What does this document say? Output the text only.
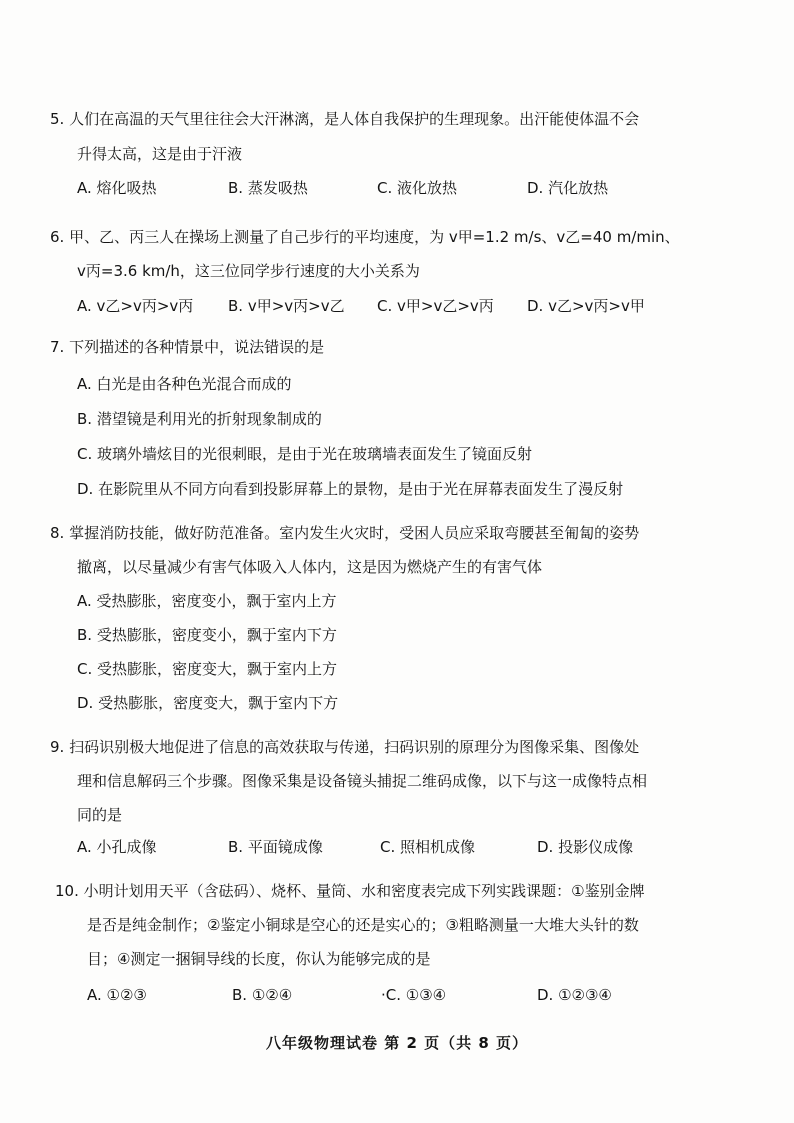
5. 人们在高温的天气里往往会大汗淋漓，是人体自我保护的生理现象。出汗能使体温不会
升得太高，这是由于汗液
A. 熔化吸热	B. 蒸发吸热	C. 液化放热	D. 汽化放热
6. 甲、乙、丙三人在操场上测量了自己步行的平均速度，为 v甲=1.2 m/s、v乙=40 m/min、
v丙=3.6 km/h，这三位同学步行速度的大小关系为
A. v乙>v丙>v丙 B. v甲>v丙>v乙 C. v甲>v乙>v丙 D. v乙>v丙>v甲
7. 下列描述的各种情景中，说法错误的是
A. 白光是由各种色光混合而成的
B. 潜望镜是利用光的折射现象制成的
C. 玻璃外墙炫目的光很刺眼，是由于光在玻璃墙表面发生了镜面反射
D. 在影院里从不同方向看到投影屏幕上的景物，是由于光在屏幕表面发生了漫反射
8. 掌握消防技能，做好防范准备。室内发生火灾时，受困人员应采取弯腰甚至匍匐的姿势
撤离，以尽量减少有害气体吸入人体内，这是因为燃烧产生的有害气体
A. 受热膨胀，密度变小，飘于室内上方
B. 受热膨胀，密度变小，飘于室内下方
C. 受热膨胀，密度变大，飘于室内上方
D. 受热膨胀，密度变大，飘于室内下方
9. 扫码识别极大地促进了信息的高效获取与传递，扫码识别的原理分为图像采集、图像处
理和信息解码三个步骤。图像采集是设备镜头捕捉二维码成像，以下与这一成像特点相
同的是
A. 小孔成像	B. 平面镜成像	C. 照相机成像	D. 投影仪成像
10. 小明计划用天平（含砝码）、烧杯、量筒、水和密度表完成下列实践课题：①鉴别金牌
是否是纯金制作；②鉴定小铜球是空心的还是实心的；③粗略测量一大堆大头针的数
目；④测定一捆铜导线的长度，你认为能够完成的是
A. ①②③	B. ①②④	·C. ①③④	D. ①②③④
八年级物理试卷 第 2 页（共 8 页）
